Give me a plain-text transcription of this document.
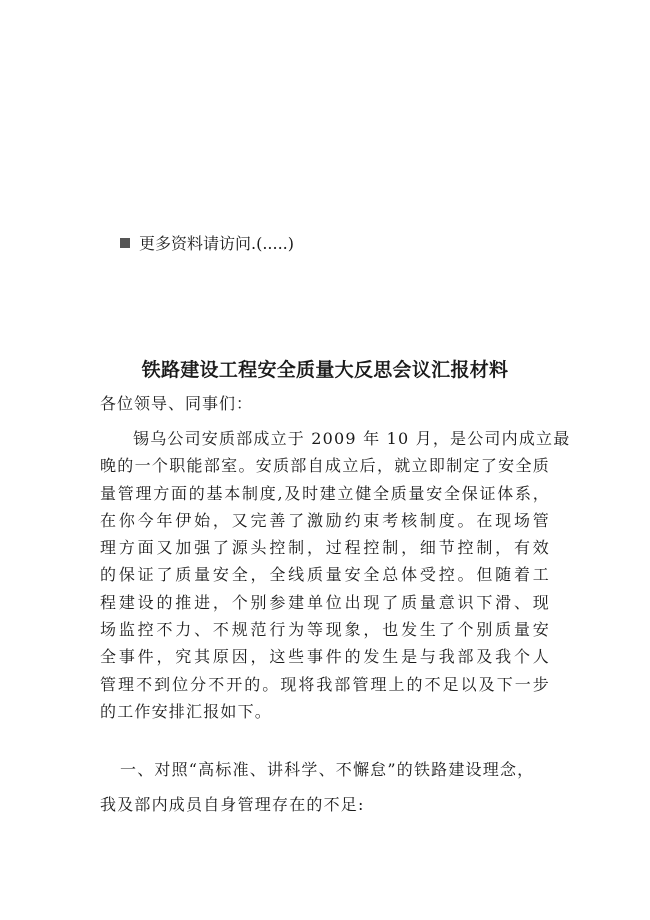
更多资料请访问.(.....)
铁路建设工程安全质量大反思会议汇报材料
各位领导、同事们：
锡乌公司安质部成立于 2009 年 10 月，是公司内成立最
晚的一个职能部室。安质部自成立后，就立即制定了安全质
量管理方面的基本制度,及时建立健全质量安全保证体系，
在你今年伊始，又完善了激励约束考核制度。在现场管
理方面又加强了源头控制，过程控制，细节控制，有效
的保证了质量安全，全线质量安全总体受控。但随着工
程建设的推进，个别参建单位出现了质量意识下滑、现
场监控不力、不规范行为等现象，也发生了个别质量安
全事件，究其原因，这些事件的发生是与我部及我个人
管理不到位分不开的。现将我部管理上的不足以及下一步
的工作安排汇报如下。
一、对照“高标准、讲科学、不懈怠”的铁路建设理念，
我及部内成员自身管理存在的不足:
